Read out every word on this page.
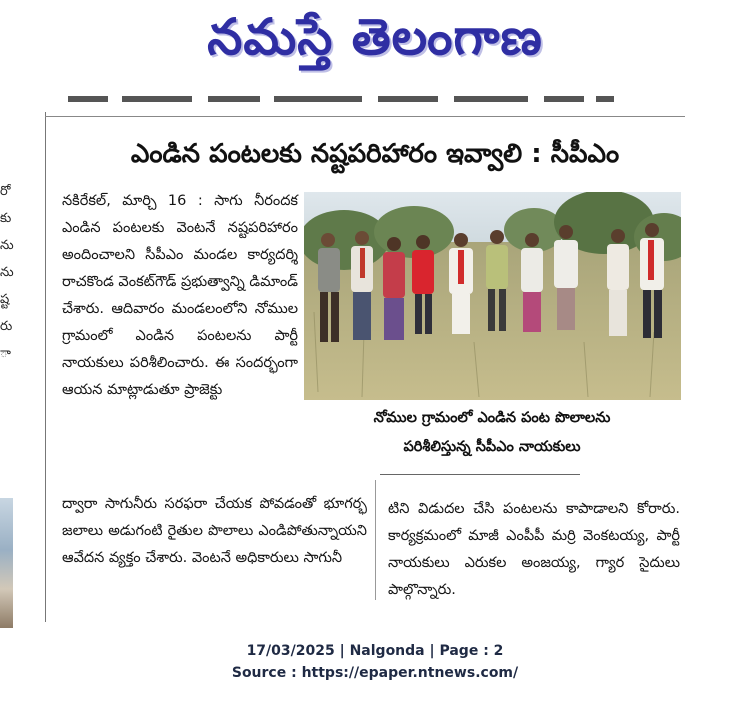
నమస్తే తెలంగాణ
రో
కు
ను
ను
ష్ట
రు
ా
ఎండిన పంటలకు నష్టపరిహారం ఇవ్వాలి : సీపీఎం
నకిరేకల్, మార్చి 16 : సాగు నీరందక ఎండిన పంటలకు వెంటనే నష్టపరిహారం అందించాలని సీపీఎం మండల కార్యదర్శి రాచకొండ వెంకట్‌గౌడ్ ప్రభుత్వాన్ని డిమాండ్ చేశారు. ఆదివారం మండలంలోని నోముల గ్రామంలో ఎండిన పంటలను పార్టీ నాయకులు పరిశీలించారు. ఈ సందర్భంగా ఆయన మాట్లాడుతూ ప్రాజెక్టు
నోముల గ్రామంలో ఎండిన పంట పొలాలను
పరిశీలిస్తున్న సీపీఎం నాయకులు
ద్వారా సాగునీరు సరఫరా చేయక పోవడంతో భూగర్భ జలాలు అడుగంటి రైతుల పొలాలు ఎండిపోతున్నాయని ఆవేదన వ్యక్తం చేశారు. వెంటనే అధికారులు సాగునీ
టిని విడుదల చేసి పంటలను కాపాడాలని కోరారు. కార్యక్రమంలో మాజీ ఎంపీపీ మర్రి వెంకటయ్య, పార్టీ నాయకులు ఎరుకల అంజయ్య, గ్యార సైదులు పాల్గొన్నారు.
17/03/2025 | Nalgonda | Page : 2
Source : https://epaper.ntnews.com/
